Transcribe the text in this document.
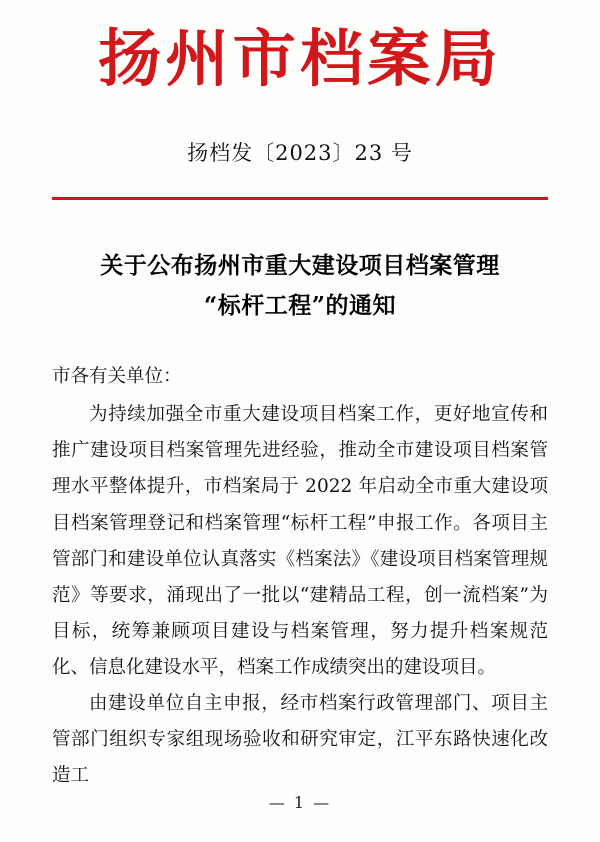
扬州市档案局
扬档发〔2023〕23 号
关于公布扬州市重大建设项目档案管理
“标杆工程”的通知

市各有关单位：

为持续加强全市重大建设项目档案工作，更好地宣传和推广建设项目档案管理先进经验，推动全市建设项目档案管理水平整体提升，市档案局于 2022 年启动全市重大建设项目档案管理登记和档案管理“标杆工程”申报工作。各项目主管部门和建设单位认真落实《档案法》《建设项目档案管理规范》等要求，涌现出了一批以“建精品工程，创一流档案”为目标，统筹兼顾项目建设与档案管理，努力提升档案规范化、信息化建设水平，档案工作成绩突出的建设项目。

由建设单位自主申报，经市档案行政管理部门、项目主管部门组织专家组现场验收和研究审定，江平东路快速化改造工

— 1 —
